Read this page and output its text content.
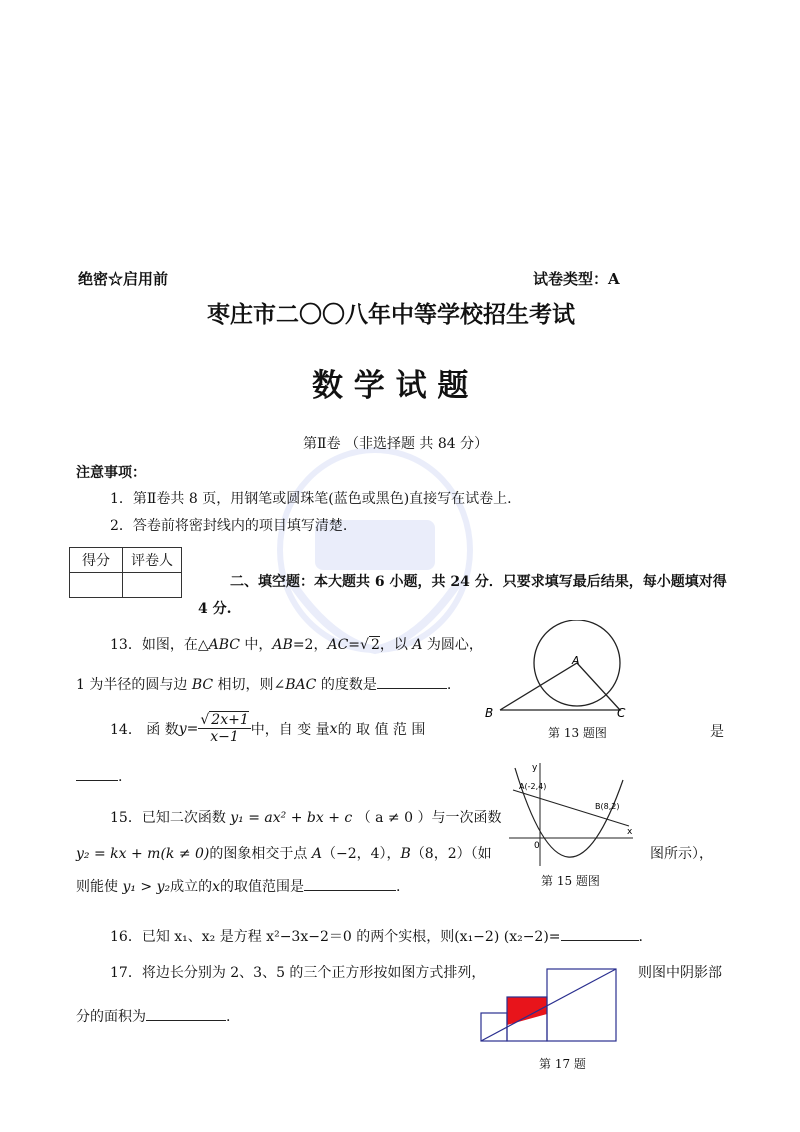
绝密☆启用前	试卷类型：A
枣庄市二〇〇八年中等学校招生考试
数 学 试 题
第Ⅱ卷 （非选择题 共 84 分）
注意事项：
1．第Ⅱ卷共 8 页，用钢笔或圆珠笔(蓝色或黑色)直接写在试卷上.
2．答卷前将密封线内的项目填写清楚.
得分	评卷人

二、填空题：本大题共 6 小题，共 24 分．只要求填写最后结果，每小题填对得
4 分.
13．如图，在△ABC 中，AB=2，AC=√ 2，以 A 为圆心，
1 为半径的圆与边 BC 相切，则∠BAC 的度数是	.
A
B	C
第 13 题图
14． 函 数 $y = \frac{√ 2x+1}{x-1}$ 中，自 变 量 x 的 取 值 范 围	是
.
15．已知二次函数 y₁ = ax² + bx + c （ a ≠ 0 ）与一次函数
y₂ = kx + m(k ≠ 0)的图象相交于点 A（−2，4），B（8，2）（如	图所示），
则能使 y₁ > y₂成立的x的取值范围是	.
y
x
0
A(-2,4)
B(8,2)
第 15 题图
16．已知 x₁、x₂ 是方程 x²−3x−2＝0 的两个实根，则(x₁−2) (x₂−2)=	.
17．将边长分别为 2、3、5 的三个正方形按如图方式排列，	则图中阴影部
分的面积为	.
第 17 题
